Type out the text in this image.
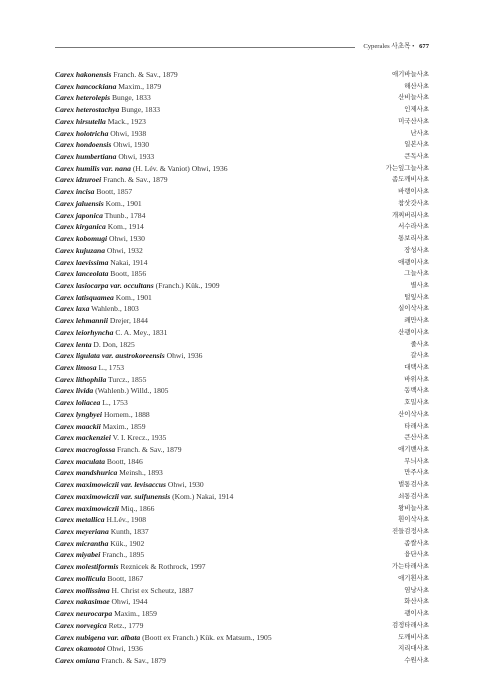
Cyperales 사초목 • 677
Carex hakonensis Franch. & Sav., 1879	애기바늘사초
Carex hancockiana Maxim., 1879	해산사초
Carex heterolepis Bunge, 1833	산비늘사초
Carex heterostachya Bunge, 1833	인제사초
Carex hirsutella Mack., 1923	미국산사초
Carex holotricha Ohwi, 1938	난사초
Carex hondoensis Ohwi, 1930	일본사초
Carex humbertiana Ohwi, 1933	큰독사초
Carex humilis var. nana (H. Lév. & Vaniot) Ohwi, 1936	가는잎그늘사초
Carex idzuroei Franch. & Sav., 1879	좀도깨비사초
Carex incisa Boott, 1857	바랭이사초
Carex jaluensis Kom., 1901	참삿갓사초
Carex japonica Thunb., 1784	개찌버리사초
Carex kirganica Kom., 1914	서수라사초
Carex kobomugi Ohwi, 1930	통보리사초
Carex kujuzana Ohwi, 1932	장성사초
Carex laevissima Nakai, 1914	애괭이사초
Carex lanceolata Boott, 1856	그늘사초
Carex lasiocarpa var. occultans (Franch.) Kük., 1909	별사초
Carex latisquamea Kom., 1901	털잎사초
Carex laxa Wahlenb., 1803	실이삭사초
Carex lehmannii Drejer, 1844	쾌만사초
Carex leiorhyncha C. A. Mey., 1831	산괭이사초
Carex lenta D. Don, 1825	줄사초
Carex ligulata var. austrokoreensis Ohwi, 1936	갈사초
Carex limosa L., 1753	대택사초
Carex lithophila Turcz., 1855	바위사초
Carex livida (Wahlenb.) Willd., 1805	동백사초
Carex loliacea L., 1753	호밀사초
Carex lyngbyei Hornem., 1888	산이삭사초
Carex maackii Maxim., 1859	타래사초
Carex mackenziei V. I. Krecz., 1935	큰산사초
Carex macroglossa Franch. & Sav., 1879	애기밴사초
Carex maculata Boott, 1846	무늬사초
Carex mandshurica Meinsh., 1893	만주사초
Carex maximowiczii var. levisaccus Ohwi, 1930	벌통검사초
Carex maximowiczii var. suifunensis (Kom.) Nakai, 1914	쇠통검사초
Carex maximowiczii Miq., 1866	왕비늘사초
Carex metallica H.Lév., 1908	흰이삭사초
Carex meyeriana Kunth, 1837	진들검정사초
Carex micrantha Kük., 1902	좀쌀사초
Carex miyabei Franch., 1895	융단사초
Carex molestiformis Reznicek & Rothrock, 1997	가는타래사초
Carex mollicula Boott, 1867	애기흰사초
Carex mollissima H. Christ ex Scheutz, 1887	염낭사초
Carex nakasimae Ohwi, 1944	화산사초
Carex neurocarpa Maxim., 1859	괭이사초
Carex norvegica Retz., 1779	검정타래사초
Carex nubigena var. albata (Boott ex Franch.) Kük. ex Matsum., 1905	도깨비사초
Carex okamotoi Ohwi, 1936	지리대사초
Carex omiana Franch. & Sav., 1879	수원사초
